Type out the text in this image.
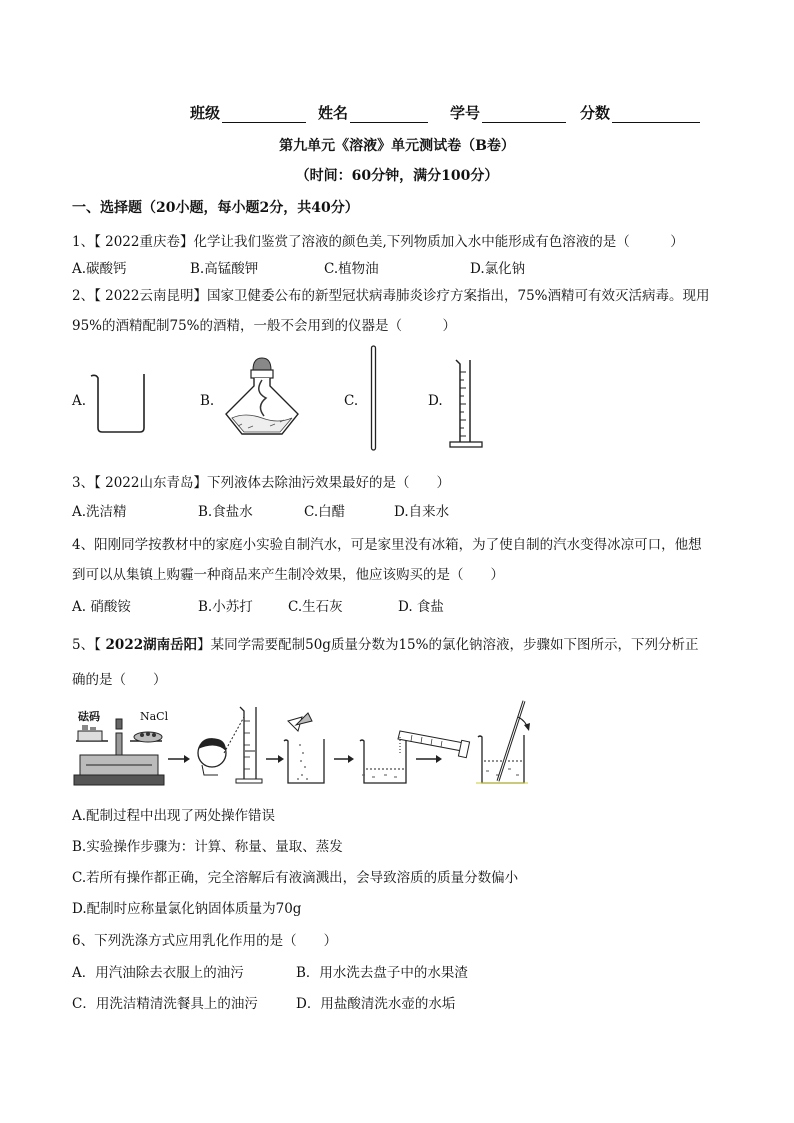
班级	姓名	学号	分数
第九单元《溶液》单元测试卷（B卷）
（时间：60分钟，满分100分）
一、选择题（20小题，每小题2分，共40分）
1、【 2022重庆卷】化学让我们鉴赏了溶液的颜色美,下列物质加入水中能形成有色溶液的是（　　　）
A.碳酸钙	B.高锰酸钾	C.植物油	D.氯化钠
2、【 2022云南昆明】国家卫健委公布的新型冠状病毒肺炎诊疗方案指出，75%酒精可有效灭活病毒。现用
95%的酒精配制75%的酒精，一般不会用到的仪器是（　　　）
A.	B.	C.	D.
3、【 2022山东青岛】下列液体去除油污效果最好的是（　　）
A.洗洁精	B.食盐水	C.白醋	D.自来水
4、阳刚同学按教材中的家庭小实验自制汽水，可是家里没有冰箱，为了使自制的汽水变得冰凉可口，他想
到可以从集镇上购霾一种商品来产生制冷效果，他应该购买的是（　　）
A. 硝酸铵	B.小苏打	C.生石灰	D. 食盐
5、【 2022湖南岳阳】某同学需要配制50g质量分数为15%的氯化钠溶液，步骤如下图所示，下列分析正
确的是（　　）
砝码	NaCl
A.配制过程中出现了两处操作错误
B.实验操作步骤为：计算、称量、量取、蒸发
C.若所有操作都正确，完全溶解后有液滴溅出，会导致溶质的质量分数偏小
D.配制时应称量氯化钠固体质量为70g
6、下列洗涤方式应用乳化作用的是（　　）
A．用汽油除去衣服上的油污	B．用水洗去盘子中的水果渣
C．用洗洁精清洗餐具上的油污	D．用盐酸清洗水壶的水垢
